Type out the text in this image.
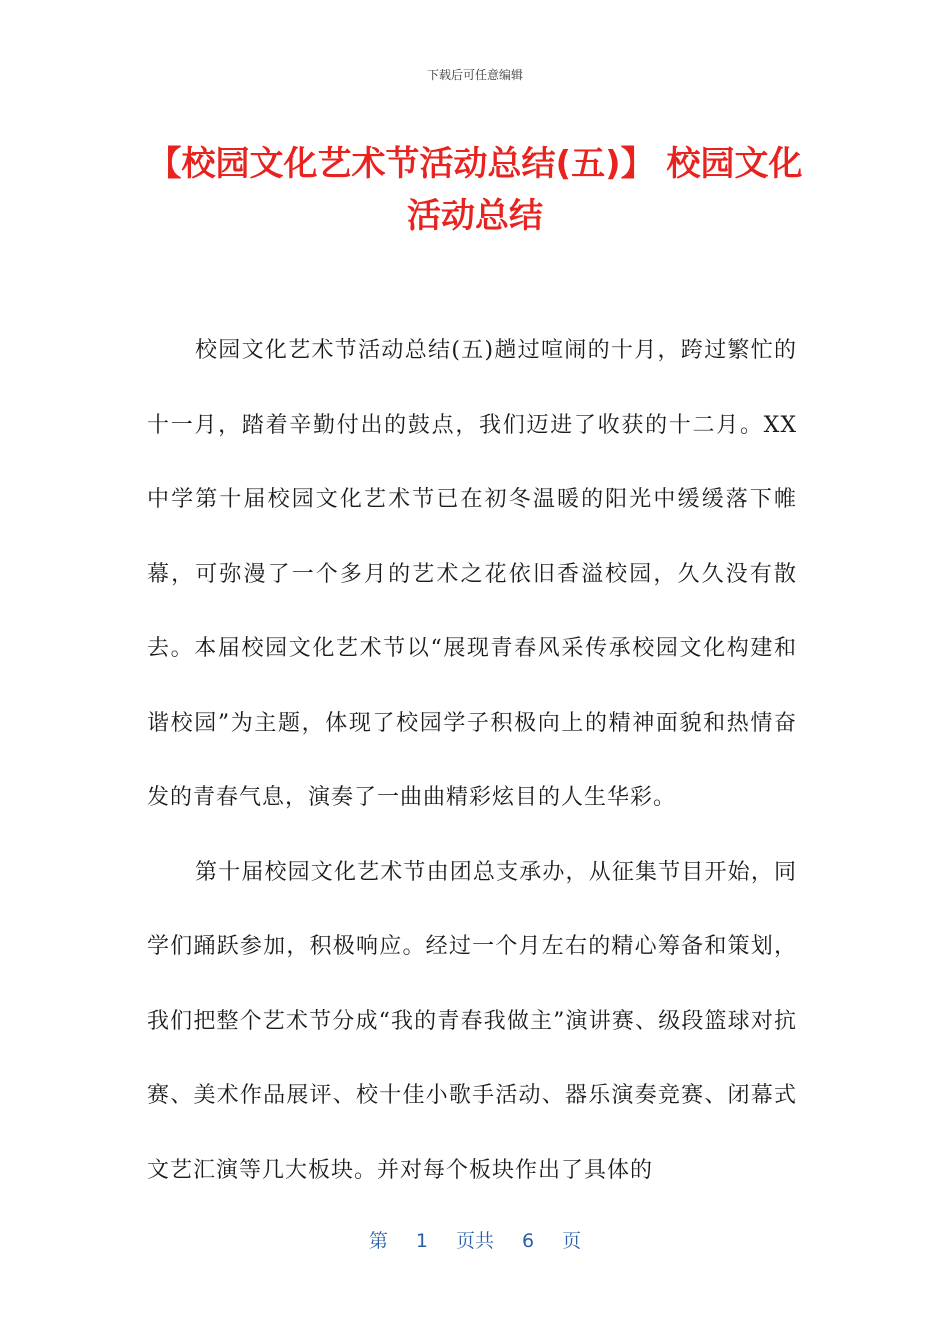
下载后可任意编辑
【校园文化艺术节活动总结(五)】 校园文化活动总结

校园文化艺术节活动总结(五)趟过喧闹的十月，跨过繁忙的十一月，踏着辛勤付出的鼓点，我们迈进了收获的十二月。XX中学第十届校园文化艺术节已在初冬温暖的阳光中缓缓落下帷幕，可弥漫了一个多月的艺术之花依旧香溢校园，久久没有散去。本届校园文化艺术节以“展现青春风采传承校园文化构建和谐校园”为主题，体现了校园学子积极向上的精神面貌和热情奋发的青春气息，演奏了一曲曲精彩炫目的人生华彩。

第十届校园文化艺术节由团总支承办，从征集节目开始，同学们踊跃参加，积极响应。经过一个月左右的精心筹备和策划，我们把整个艺术节分成“我的青春我做主”演讲赛、级段篮球对抗赛、美术作品展评、校十佳小歌手活动、器乐演奏竞赛、闭幕式文艺汇演等几大板块。并对每个板块作出了具体的

第 1 页共 6 页
